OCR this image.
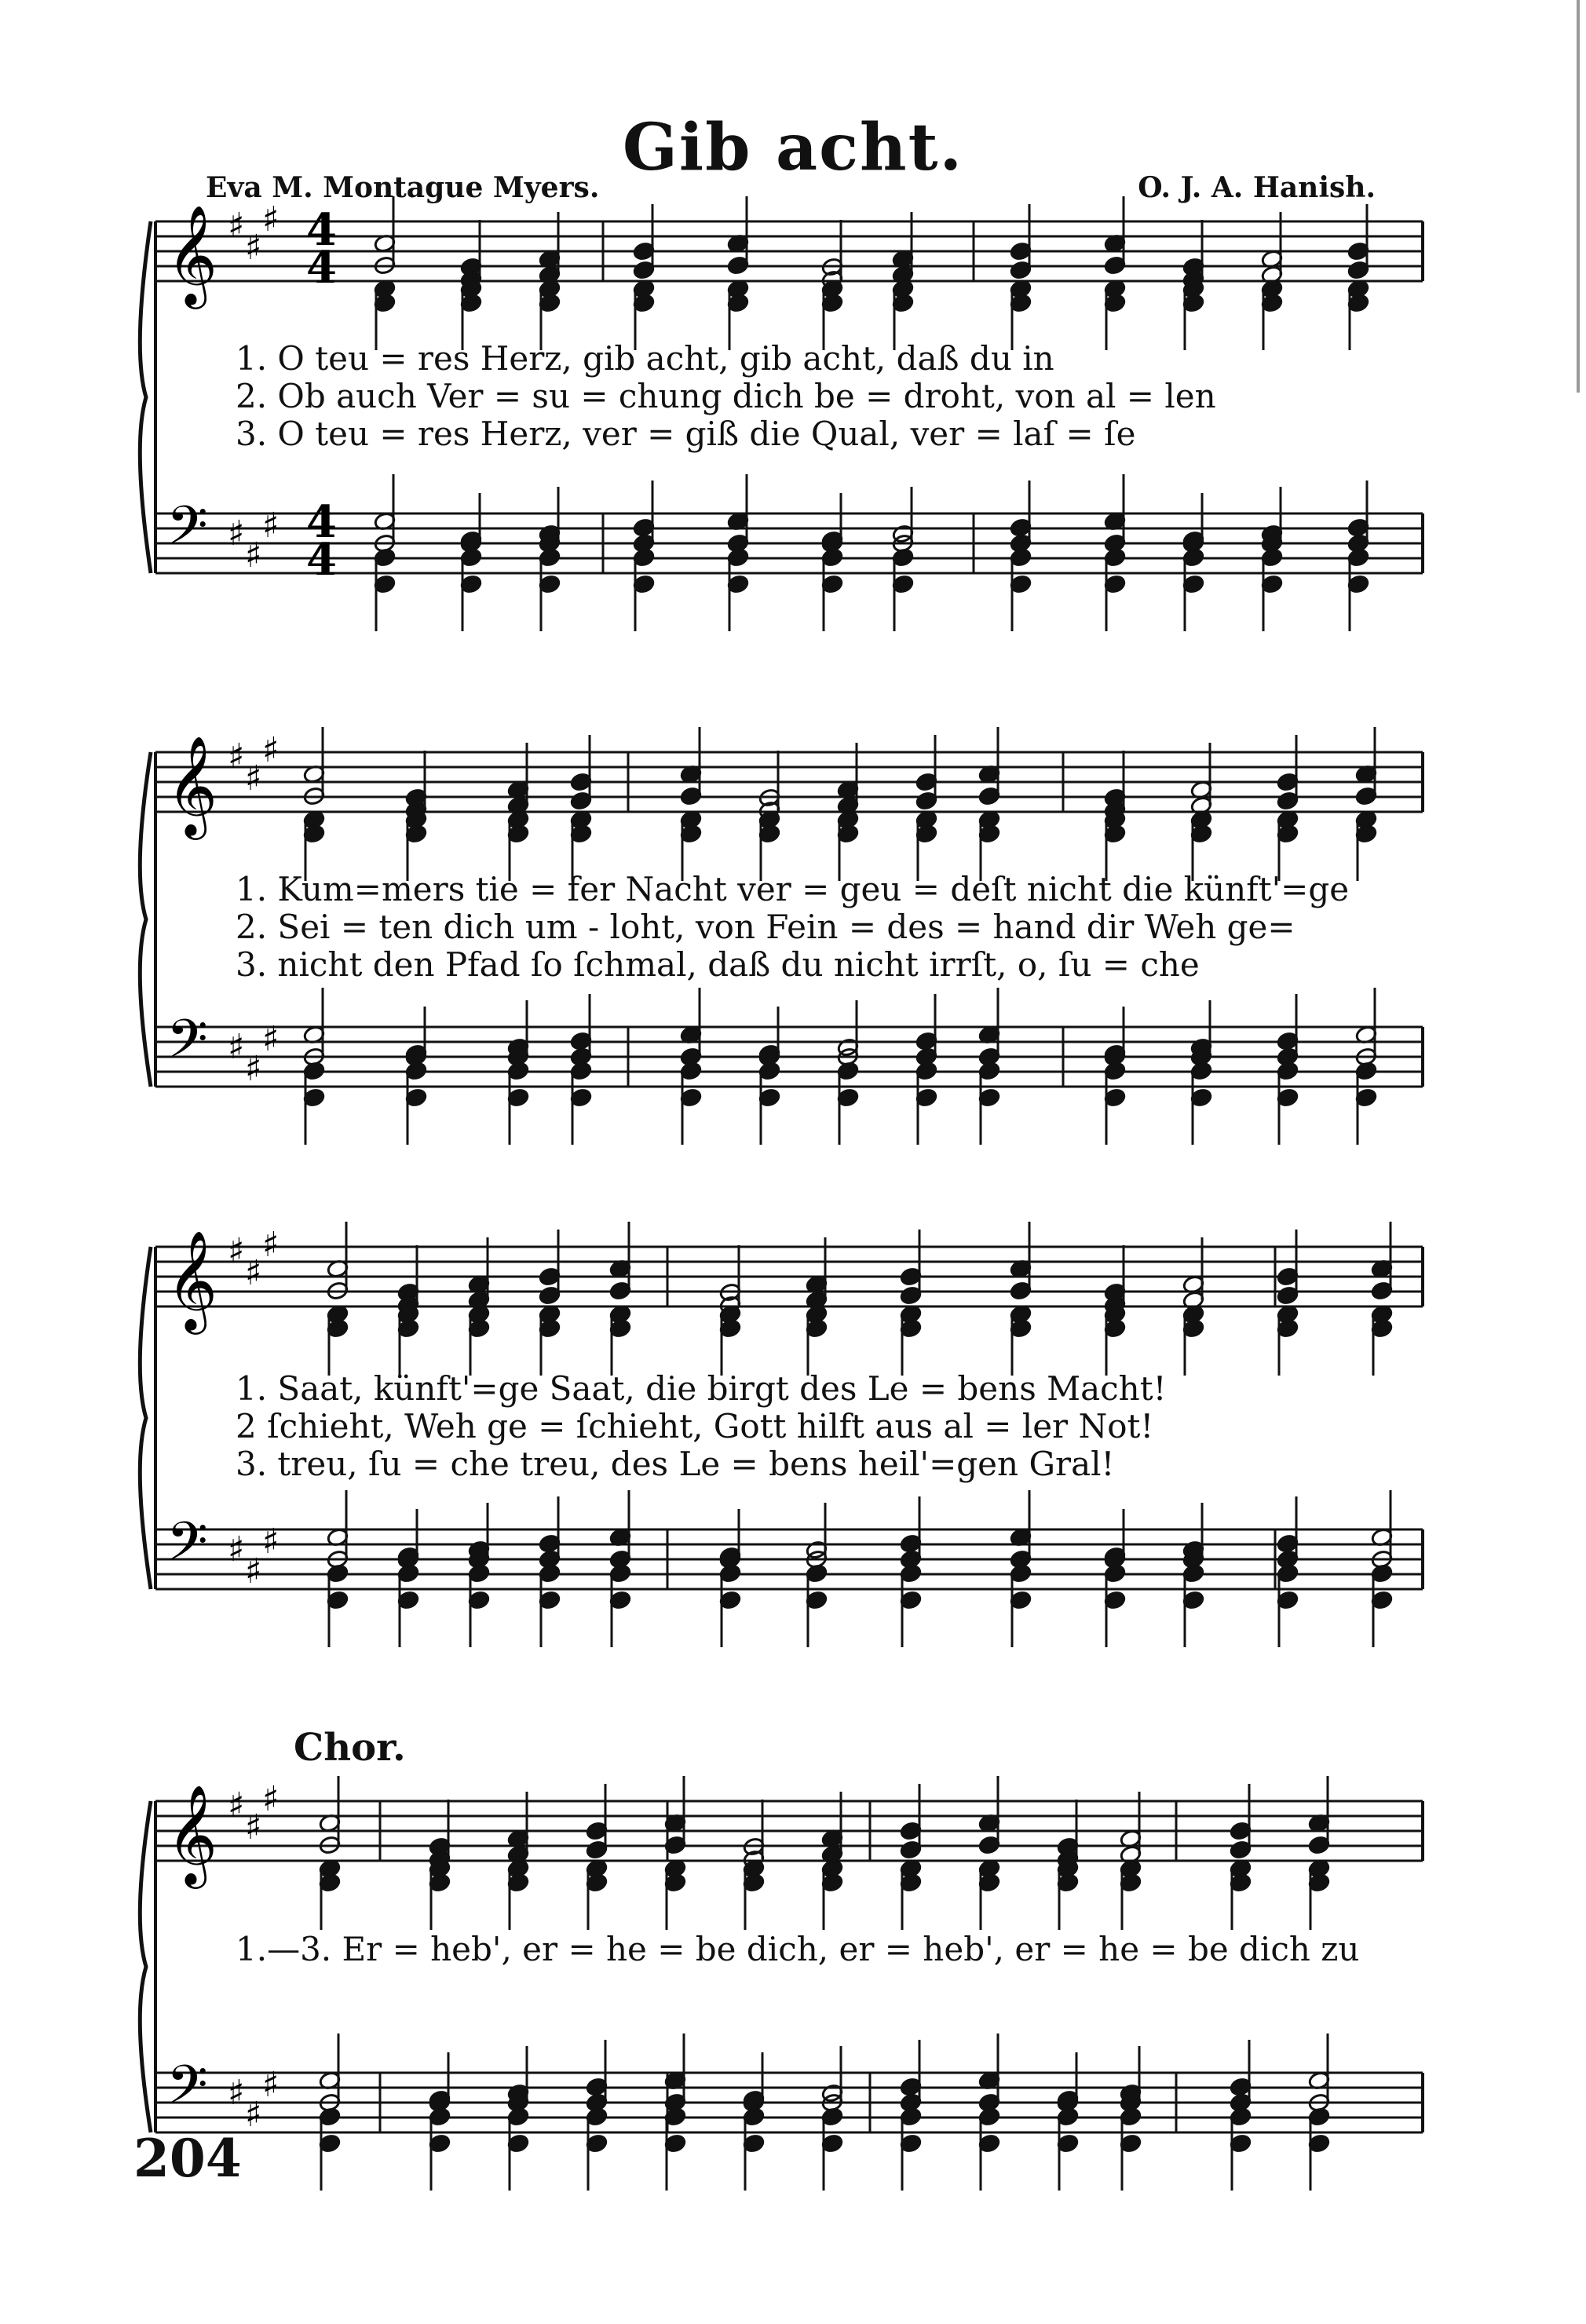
Gib acht.
Eva M. Montague Myers.	O. J. A. Hanish.
𝄞
𝄢
𝄞
𝄢
𝄞
𝄢
𝄞
𝄢
♯
♯
♯
♯
♯
♯
♯
♯
♯
♯
♯
♯
♯
♯
♯
♯
♯
♯
♯
♯
♯
♯
♯
♯
4
4
4
4
1. O teu = res Herz, gib acht, gib acht, daß du in
2. Ob auch Ver = su = chung dich be = droht, von al = len
3. O teu = res Herz, ver = giß die Qual, ver = laſ = ſe
1. Kum=mers tie = fer Nacht ver = geu = deſt nicht die künft'=ge
2. Sei = ten dich um - loht, von Fein = des = hand dir Weh ge=
3. nicht den Pfad ſo ſchmal, daß du nicht irrſt, o, ſu = che
1. Saat, künft'=ge Saat, die birgt des Le = bens Macht!
2 ſchieht, Weh ge = ſchieht, Gott hilft aus al = ler Not!
3. treu, ſu = che treu, des Le = bens heil'=gen Gral!
Chor.
1.—3. Er = heb', er = he = be dich, er = heb', er = he = be dich zu
204
